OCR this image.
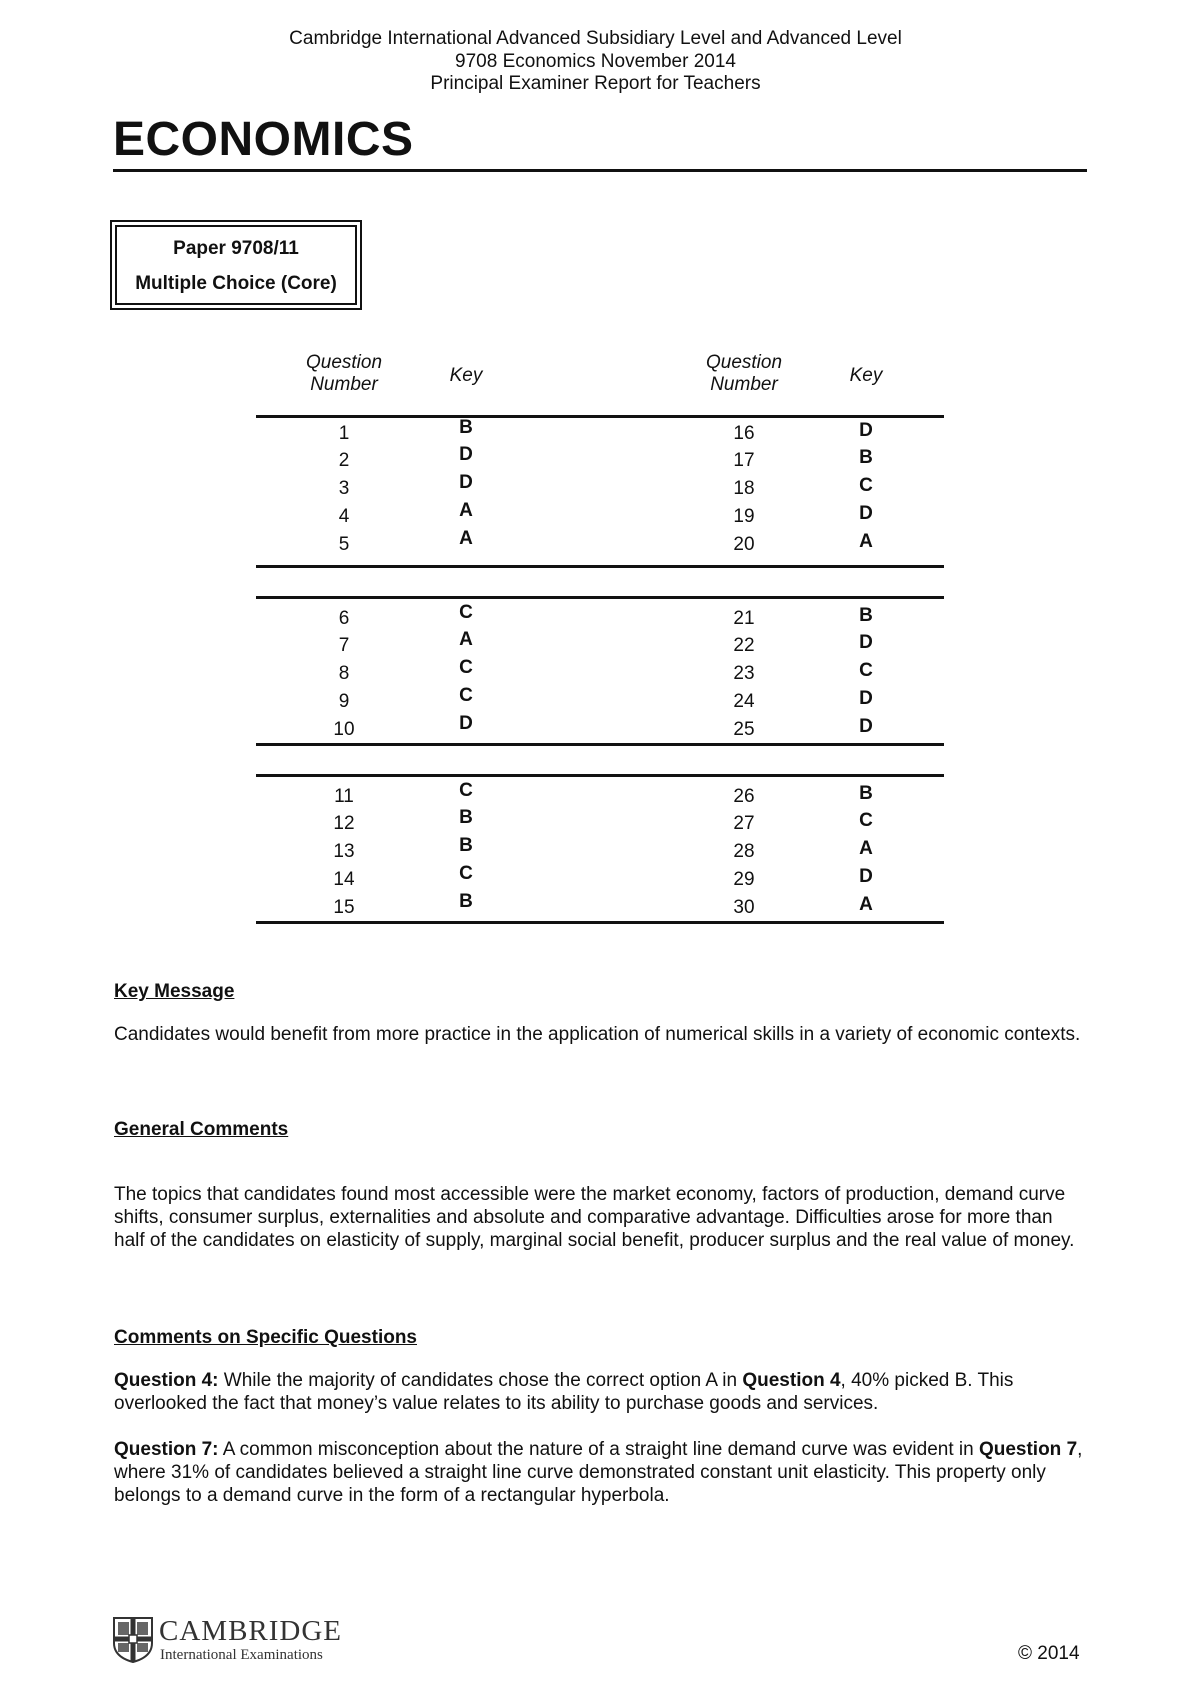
Cambridge International Advanced Subsidiary Level and Advanced Level
9708 Economics November 2014
Principal Examiner Report for Teachers
ECONOMICS
Paper 9708/11
Multiple Choice (Core)
Question
Number	Key
Question
Number	Key
1	B	16	D
2	D	17	B
3	D	18	C
4	A	19	D
5	A	20	A
6	C	21	B
7	A	22	D
8	C	23	C
9	C	24	D
10	D	25	D
11	C	26	B
12	B	27	C
13	B	28	A
14	C	29	D
15	B	30	A
Key Message
Candidates would benefit from more practice in the application of numerical skills in a variety of economic contexts.
General Comments
The topics that candidates found most accessible were the market economy, factors of production, demand curve shifts, consumer surplus, externalities and absolute and comparative advantage. Difficulties arose for more than half of the candidates on elasticity of supply, marginal social benefit, producer surplus and the real value of money.
Comments on Specific Questions
Question 4: While the majority of candidates chose the correct option A in Question 4, 40% picked B. This overlooked the fact that money’s value relates to its ability to purchase goods and services.
Question 7: A common misconception about the nature of a straight line demand curve was evident in Question 7, where 31% of candidates believed a straight line curve demonstrated constant unit elasticity. This property only belongs to a demand curve in the form of a rectangular hyperbola.
CAMBRIDGE
International Examinations	© 2014
